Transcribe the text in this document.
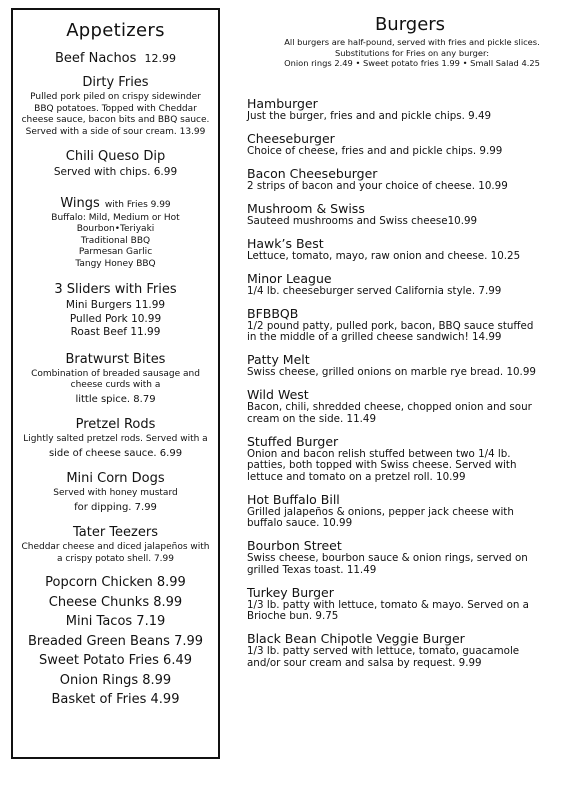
Appetizers
Beef Nachos 12.99
Dirty Fries
Pulled pork piled on crispy sidewinder
BBQ potatoes. Topped with Cheddar
cheese sauce, bacon bits and BBQ sauce.
Served with a side of sour cream. 13.99
Chili Queso Dip
Served with chips. 6.99
Wings with Fries 9.99
Buffalo: Mild, Medium or Hot
Bourbon•Teriyaki
Traditional BBQ
Parmesan Garlic
Tangy Honey BBQ
3 Sliders with Fries
Mini Burgers 11.99
Pulled Pork 10.99
Roast Beef 11.99
Bratwurst Bites
Combination of breaded sausage and
cheese curds with a
little spice. 8.79
Pretzel Rods
Lightly salted pretzel rods. Served with a
side of cheese sauce. 6.99
Mini Corn Dogs
Served with honey mustard
for dipping. 7.99
Tater Teezers
Cheddar cheese and diced jalapeños with
a crispy potato shell. 7.99
Popcorn Chicken 8.99
Cheese Chunks 8.99
Mini Tacos 7.19
Breaded Green Beans 7.99
Sweet Potato Fries 6.49
Onion Rings 8.99
Basket of Fries 4.99
Burgers
All burgers are half-pound, served with fries and pickle slices.
Substitutions for Fries on any burger:
Onion rings 2.49 • Sweet potato fries 1.99 • Small Salad 4.25
Hamburger
Just the burger, fries and and pickle chips. 9.49
Cheeseburger
Choice of cheese, fries and and pickle chips. 9.99
Bacon Cheeseburger
2 strips of bacon and your choice of cheese. 10.99
Mushroom & Swiss
Sauteed mushrooms and Swiss cheese10.99
Hawk’s Best
Lettuce, tomato, mayo, raw onion and cheese. 10.25
Minor League
1/4 lb. cheeseburger served California style. 7.99
BFBBQB
1/2 pound patty, pulled pork, bacon, BBQ sauce stuffed
in the middle of a grilled cheese sandwich! 14.99
Patty Melt
Swiss cheese, grilled onions on marble rye bread. 10.99
Wild West
Bacon, chili, shredded cheese, chopped onion and sour
cream on the side. 11.49
Stuffed Burger
Onion and bacon relish stuffed between two 1/4 lb.
patties, both topped with Swiss cheese. Served with
lettuce and tomato on a pretzel roll. 10.99
Hot Buffalo Bill
Grilled jalapeños & onions, pepper jack cheese with
buffalo sauce. 10.99
Bourbon Street
Swiss cheese, bourbon sauce & onion rings, served on
grilled Texas toast. 11.49
Turkey Burger
1/3 lb. patty with lettuce, tomato & mayo. Served on a
Brioche bun. 9.75
Black Bean Chipotle Veggie Burger
1/3 lb. patty served with lettuce, tomato, guacamole
and/or sour cream and salsa by request. 9.99
